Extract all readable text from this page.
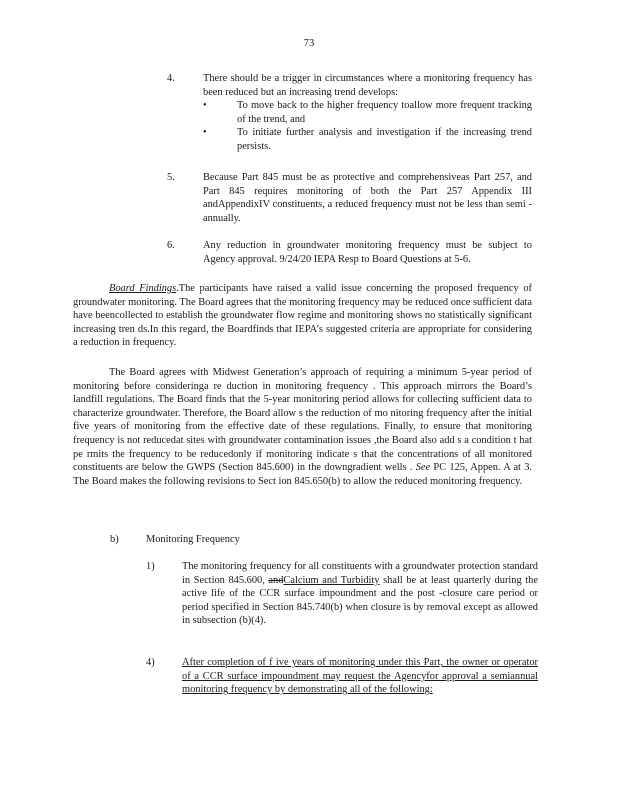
73
4.	There should be a trigger in circumstances where a monitoring frequency has been reduced but an increasing trend develops:
•	To move back to the higher frequency toallow more frequent tracking of the trend, and
•	To initiate further analysis and investigation if the increasing trend persists.
5.	Because Part 845 must be as protective and comprehensiveas Part 257, and Part 845 requires monitoring of both the Part 257 Appendix III andAppendixIV constituents, a reduced frequency must not be less than semi -annually.
6.	Any reduction in groundwater monitoring frequency must be subject to Agency approval. 9/24/20 IEPA Resp to Board Questions at 5-6.
Board Findings.The participants have raised a valid issue concerning the proposed frequency of groundwater monitoring. The Board agrees that the monitoring frequency may be reduced once sufficient data have beencollected to establish the groundwater flow regime and monitoring shows no statistically significant increasing tren ds.In this regard, the Boardfinds that IEPA’s suggested criteria are appropriate for considering a reduction in frequency.
The Board agrees with Midwest Generation’s approach of requiring a minimum 5-year period of monitoring before consideringa re duction in monitoring frequency . This approach mirrors the Board’s landfill regulations. The Board finds that the 5-year monitoring period allows for collecting sufficient data to characterize groundwater. Therefore, the Board allow s the reduction of mo nitoring frequency after the initial five years of monitoring from the effective date of these regulations. Finally, to ensure that monitoring frequency is not reducedat sites with groundwater contamination issues ,the Board also add s a condition t hat pe rmits the frequency to be reducedonly if monitoring indicate s that the concentrations of all monitored constituents are below the GWPS (Section 845.600) in the downgradient wells . See PC 125, Appen. A at 3. The Board makes the following revisions to Sect ion 845.650(b) to allow the reduced monitoring frequency.
b)	Monitoring Frequency
1)	The monitoring frequency for all constituents with a groundwater protection standard in Section 845.600, andCalcium and Turbidity shall be at least quarterly during the active life of the CCR surface impoundment and the post -closure care period or period specified in Section 845.740(b) when closure is by removal except as allowed in subsection (b)(4).
4)	After completion of f ive years of monitoring under this Part, the owner or operator of a CCR surface impoundment may request the Agencyfor approval a semiannual monitoring frequency by demonstrating all of the following:
